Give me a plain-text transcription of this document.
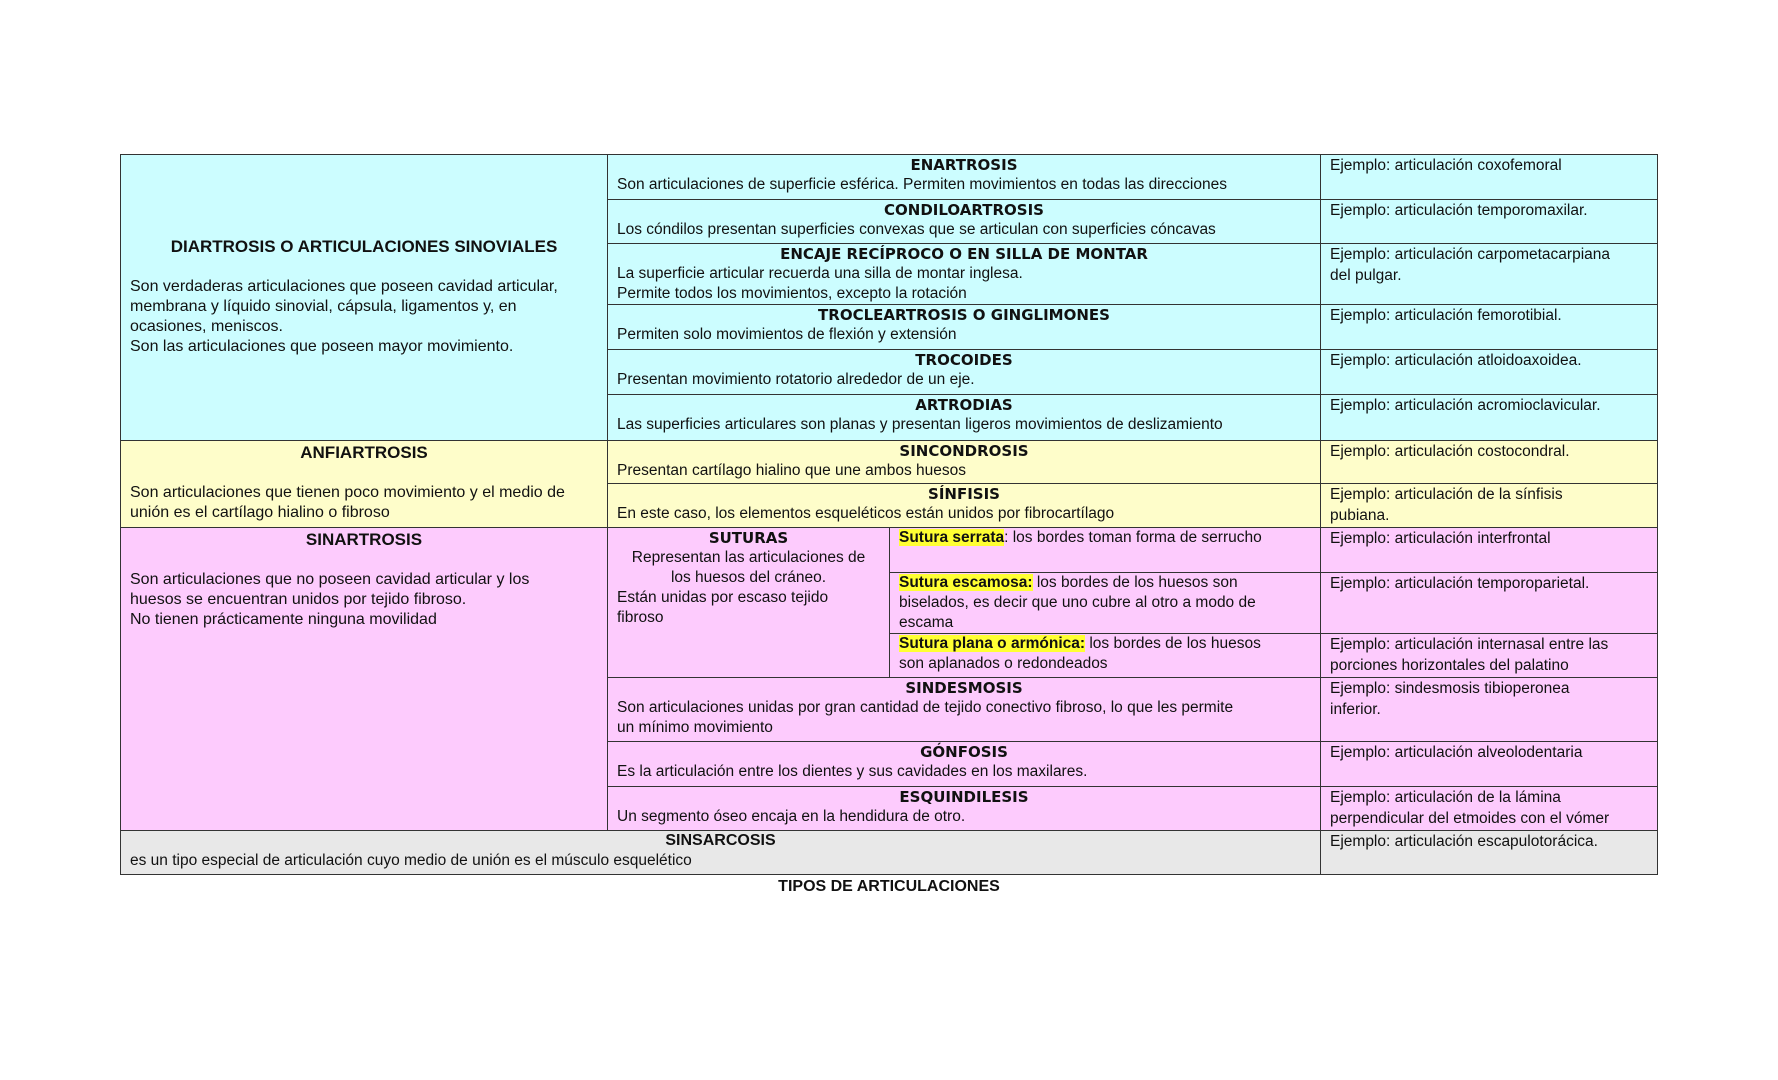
DIARTROSIS O ARTICULACIONES SINOVIALES
Son verdaderas articulaciones que poseen cavidad articular,
membrana y líquido sinovial, cápsula, ligamentos y, en
ocasiones, meniscos.
Son las articulaciones que poseen mayor movimiento.
ANFIARTROSIS
Son articulaciones que tienen poco movimiento y el medio de
unión es el cartílago hialino o fibroso
SINARTROSIS
Son articulaciones que no poseen cavidad articular y los
huesos se encuentran unidos por tejido fibroso.
No tienen prácticamente ninguna movilidad
ENARTROSIS
Son articulaciones de superficie esférica. Permiten movimientos en todas las direcciones
CONDILOARTROSIS
Los cóndilos presentan superficies convexas que se articulan con superficies cóncavas
ENCAJE RECÍPROCO O EN SILLA DE MONTAR
La superficie articular recuerda una silla de montar inglesa.
Permite todos los movimientos, excepto la rotación
TROCLEARTROSIS O GINGLIMONES
Permiten solo movimientos de flexión y extensión
TROCOIDES
Presentan movimiento rotatorio alrededor de un eje.
ARTRODIAS
Las superficies articulares son planas y presentan ligeros movimientos de deslizamiento
SINCONDROSIS
Presentan cartílago hialino que une ambos huesos
SÍNFISIS
En este caso, los elementos esqueléticos están unidos por fibrocartílago
SUTURAS
Representan las articulaciones de
los huesos del cráneo.
Están unidas por escaso tejido
fibroso
Sutura serrata: los bordes toman forma de serrucho
Sutura escamosa: los bordes de los huesos son
biselados, es decir que uno cubre al otro a modo de
escama
Sutura plana o armónica: los bordes de los huesos
son aplanados o redondeados
SINDESMOSIS
Son articulaciones unidas por gran cantidad de tejido conectivo fibroso, lo que les permite
un mínimo movimiento
GÓNFOSIS
Es la articulación entre los dientes y sus cavidades en los maxilares.
ESQUINDILESIS
Un segmento óseo encaja en la hendidura de otro.
SINSARCOSIS
es un tipo especial de articulación cuyo medio de unión es el músculo esquelético
Ejemplo: articulación coxofemoral
Ejemplo: articulación temporomaxilar.
Ejemplo: articulación carpometacarpiana
del pulgar.
Ejemplo: articulación femorotibial.
Ejemplo: articulación atloidoaxoidea.
Ejemplo: articulación acromioclavicular.
Ejemplo: articulación costocondral.
Ejemplo: articulación de la sínfisis
pubiana.
Ejemplo: articulación interfrontal
Ejemplo: articulación temporoparietal.
Ejemplo: articulación internasal entre las
porciones horizontales del palatino
Ejemplo: sindesmosis tibioperonea
inferior.
Ejemplo: articulación alveolodentaria
Ejemplo: articulación de la lámina
perpendicular del etmoides con el vómer
Ejemplo: articulación escapulotorácica.
TIPOS DE ARTICULACIONES
